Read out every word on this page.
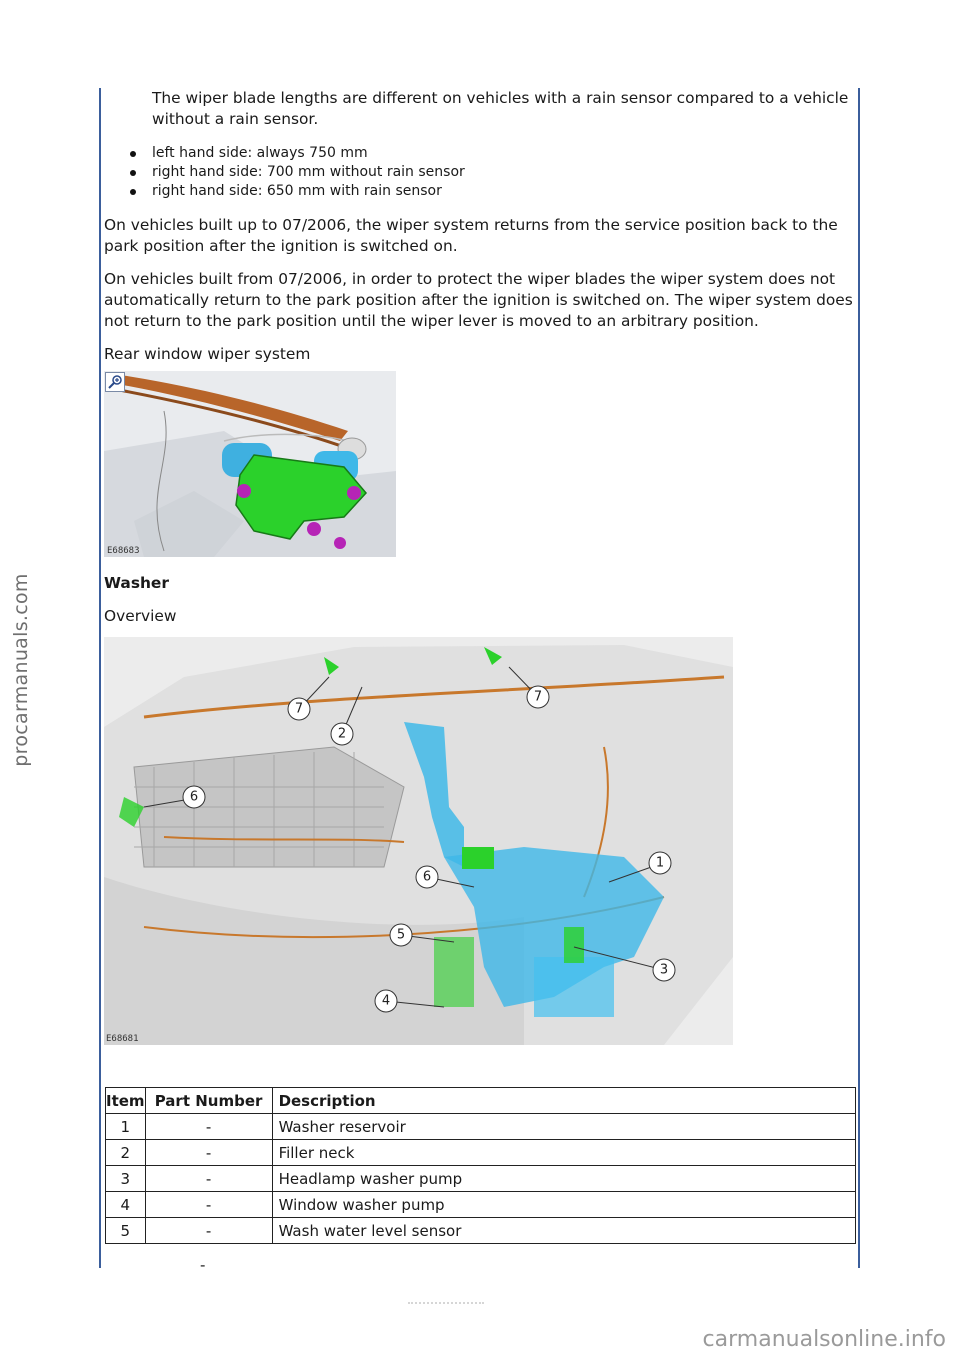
procarmanuals.com

The wiper blade lengths are different on vehicles with a rain sensor compared to a vehicle without a rain sensor.

left hand side: always 750 mm
right hand side: 700 mm without rain sensor
right hand side: 650 mm with rain sensor

On vehicles built up to 07/2006, the wiper system returns from the service position back to the park position after the ignition is switched on.

On vehicles built from 07/2006, in order to protect the wiper blades the wiper system does not automatically return to the park position after the ignition is switched on. The wiper system does not return to the park position until the wiper lever is moved to an arbitrary position.

Rear window wiper system

E68683

Washer

Overview

7
2
7
6
1
6
5
3
4
E68681
Item	Part Number	Description
1	-	Washer reservoir
2	-	Filler neck
3	-	Headlamp washer pump
4	-	Window washer pump
5	-	Wash water level sensor
-
carmanualsonline.info
